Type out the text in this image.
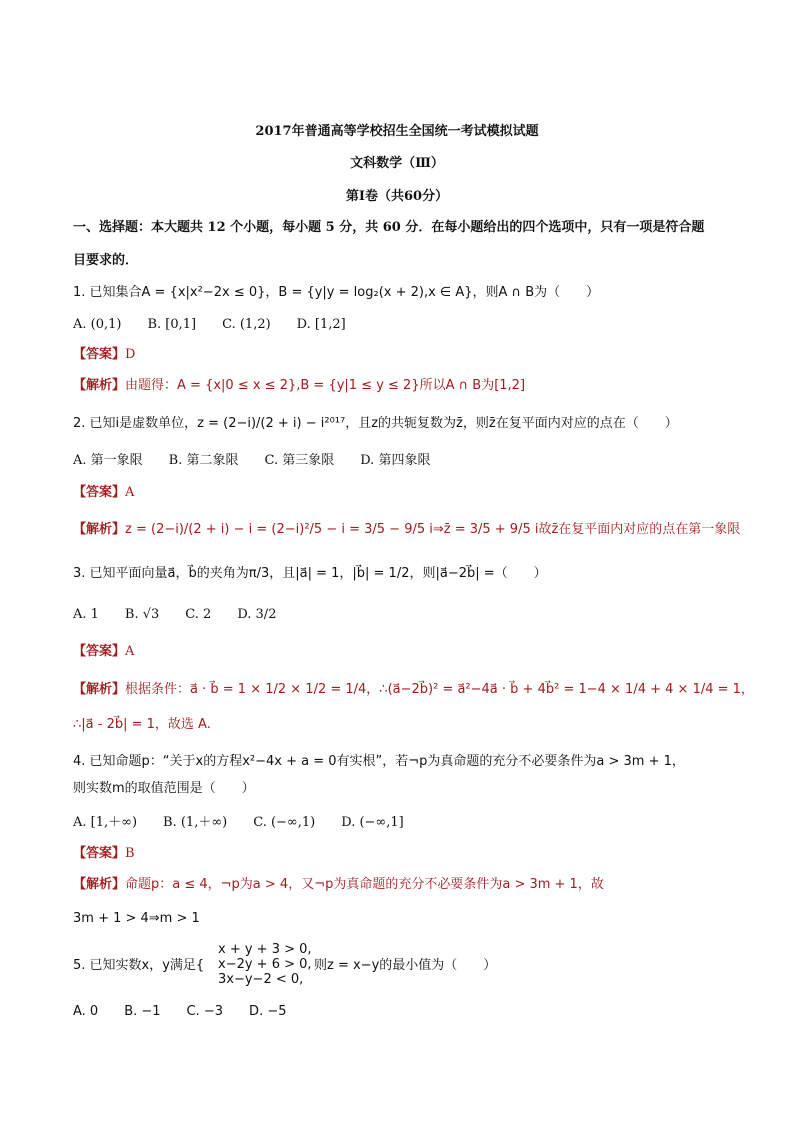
2017年普通高等学校招生全国统一考试模拟试题
文科数学（Ⅲ）
第Ⅰ卷（共60分）
一、选择题：本大题共 12 个小题，每小题 5 分，共 60 分．在每小题给出的四个选项中，只有一项是符合题
目要求的．
1. 已知集合A = {x|x²−2x ≤ 0}，B = {y|y = log₂(x + 2),x ∈ A}，则A ∩ B为（　　）
A. (0,1)　　B. [0,1]　　C. (1,2)　　D. [1,2]
【答案】D
【解析】由题得：A = {x|0 ≤ x ≤ 2},B = {y|1 ≤ y ≤ 2}所以A ∩ B为[1,2]
2. 已知i是虚数单位，z = (2−i)/(2 + i) − i²⁰¹⁷，且z的共轭复数为z̄，则z̄在复平面内对应的点在（　　）
A. 第一象限　　B. 第二象限　　C. 第三象限　　D. 第四象限
【答案】A
【解析】z = (2−i)/(2 + i) − i = (2−i)²/5 − i = 3/5 − 9/5 i⇒z̄ = 3/5 + 9/5 i故z̄在复平面内对应的点在第一象限
3. 已知平面向量a⃗，b⃗的夹角为π/3，且|a⃗| = 1，|b⃗| = 1/2，则|a⃗−2b⃗| =（　　）
A. 1　　B. √3　　C. 2　　D. 3/2
【答案】A
【解析】根据条件：a⃗ · b⃗ = 1 × 1/2 × 1/2 = 1/4，∴(a⃗−2b⃗)² = a⃗²−4a⃗ · b⃗ + 4b⃗² = 1−4 × 1/4 + 4 × 1/4 = 1，
∴|a⃗ - 2b⃗| = 1，故选 A.
4. 已知命题p：“关于x的方程x²−4x + a = 0有实根”，若¬p为真命题的充分不必要条件为a > 3m + 1，
则实数m的取值范围是（　　）
A. [1,＋∞)　　B. (1,＋∞)　　C. (−∞,1)　　D. (−∞,1]
【答案】B
【解析】命题p：a ≤ 4，¬p为a > 4，又¬p为真命题的充分不必要条件为a > 3m + 1，故
3m + 1 > 4⇒m > 1
5. 已知实数x，y满足{
x + y + 3 > 0,
x−2y + 6 > 0,
3x−y−2 < 0,
则z = x−y的最小值为（　　）
A. 0　　B. −1　　C. −3　　D. −5
